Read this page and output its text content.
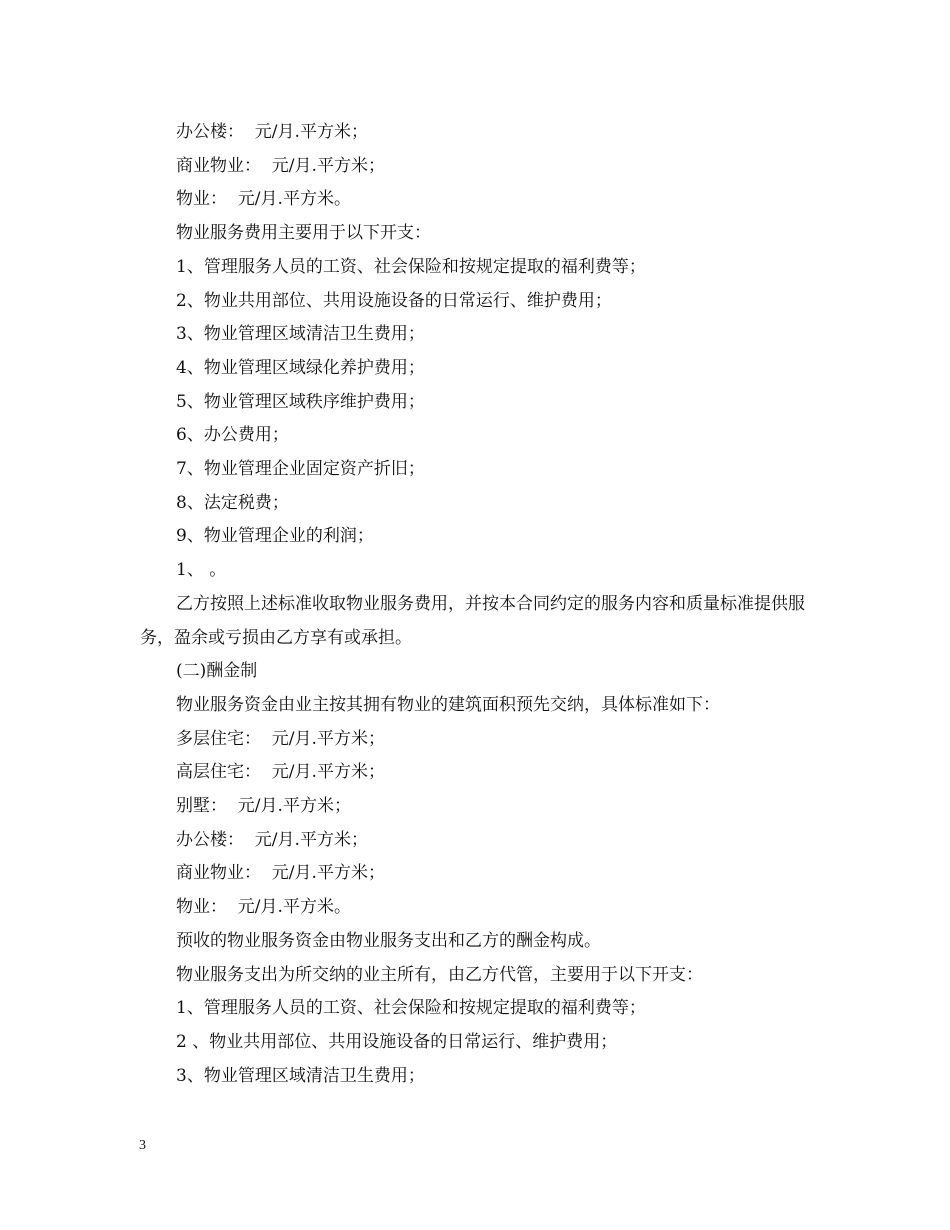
办公楼：  元/月.平方米；

商业物业：  元/月.平方米；

物业：  元/月.平方米。

物业服务费用主要用于以下开支：

1、管理服务人员的工资、社会保险和按规定提取的福利费等；

2、物业共用部位、共用设施设备的日常运行、维护费用；

3、物业管理区域清洁卫生费用；

4、物业管理区域绿化养护费用；

5、物业管理区域秩序维护费用；

6、办公费用；

7、物业管理企业固定资产折旧；

8、法定税费；

9、物业管理企业的利润；

1、 。

乙方按照上述标准收取物业服务费用，并按本合同约定的服务内容和质量标准提供服务，盈余或亏损由乙方享有或承担。

(二)酬金制

物业服务资金由业主按其拥有物业的建筑面积预先交纳，具体标准如下：

多层住宅：  元/月.平方米；

高层住宅：  元/月.平方米；

别墅：  元/月.平方米；

办公楼：  元/月.平方米；

商业物业：  元/月.平方米；

物业：  元/月.平方米。

预收的物业服务资金由物业服务支出和乙方的酬金构成。

物业服务支出为所交纳的业主所有，由乙方代管，主要用于以下开支：

1、管理服务人员的工资、社会保险和按规定提取的福利费等；

2 、物业共用部位、共用设施设备的日常运行、维护费用；

3、物业管理区域清洁卫生费用；

3
